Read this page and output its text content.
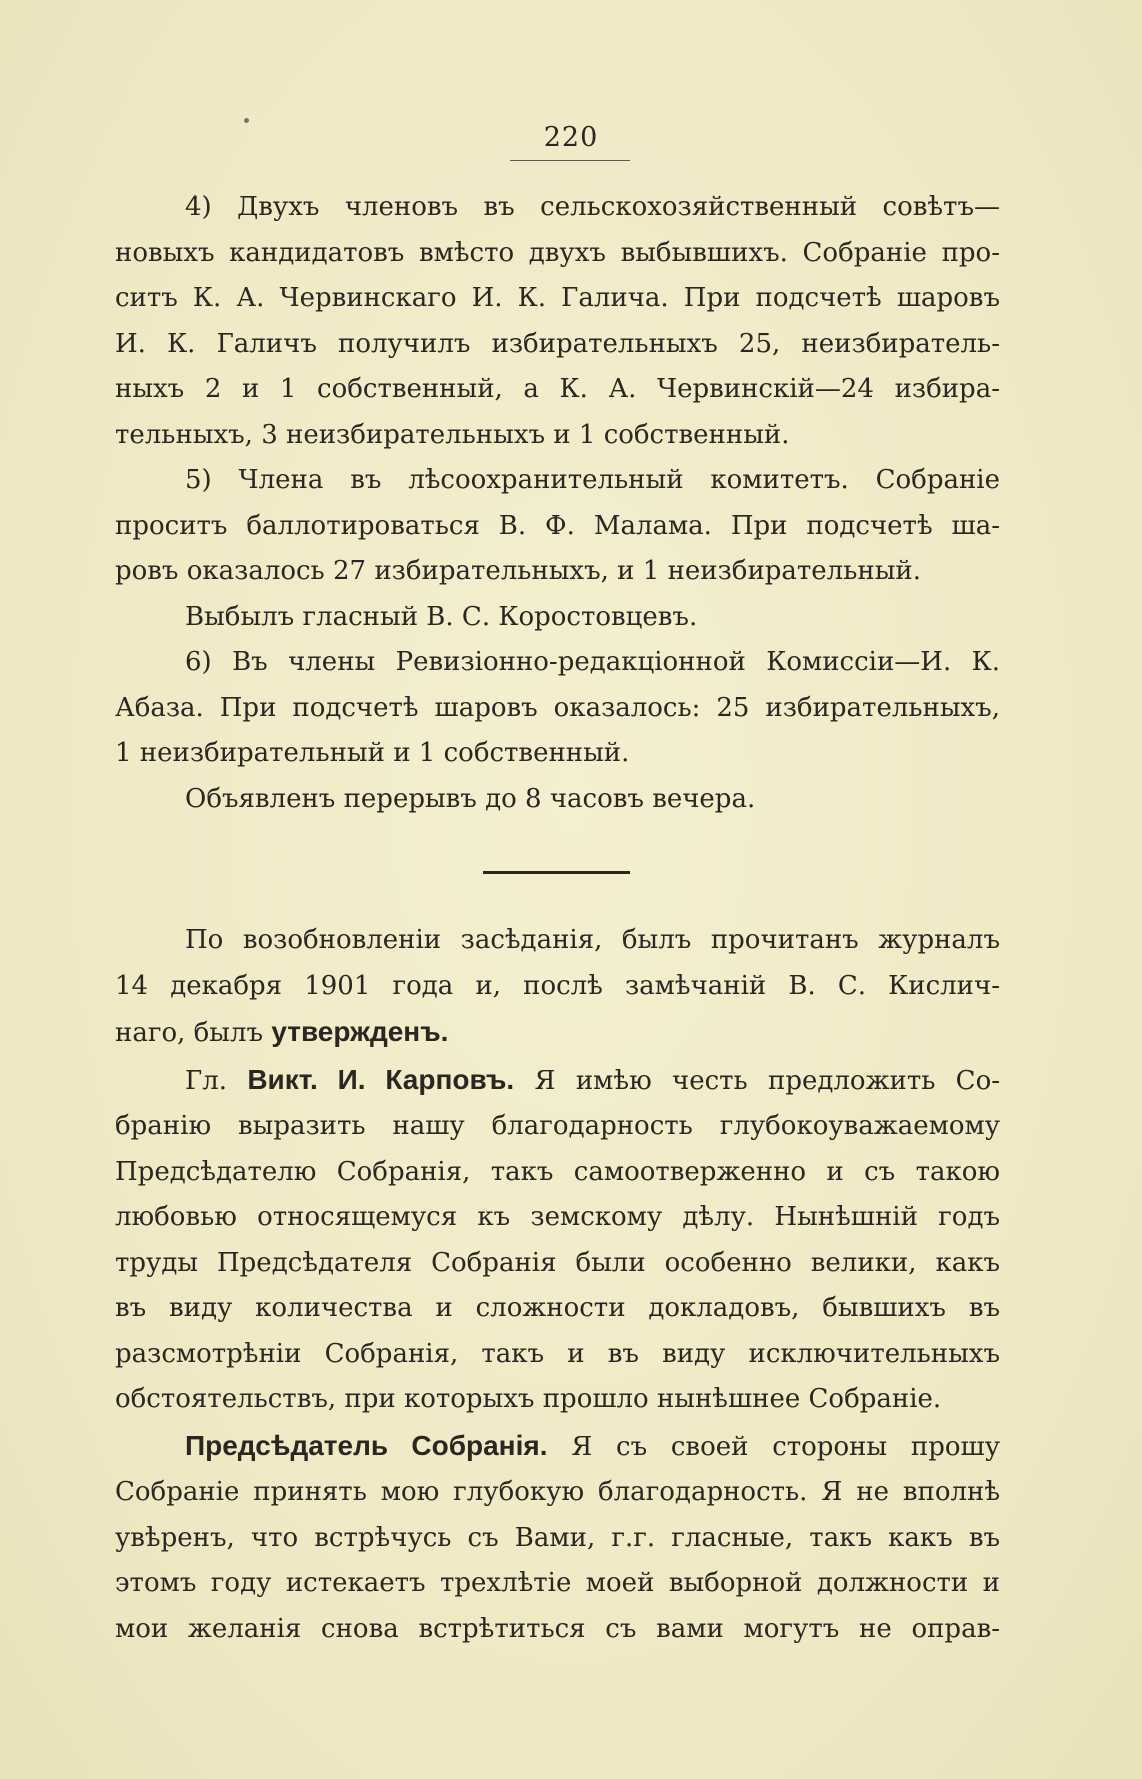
220
4) Двухъ членовъ въ сельскохозяйственный совѣтъ—
новыхъ кандидатовъ вмѣсто двухъ выбывшихъ. Собраніе про-
ситъ К. А. Червинскаго И. К. Галича. При подсчетѣ шаровъ
И. К. Галичъ получилъ избирательныхъ 25, неизбиратель-
ныхъ 2 и 1 собственный, а К. А. Червинскій—24 избира-
тельныхъ, 3 неизбирательныхъ и 1 собственный.
5) Члена въ лѣсоохранительный комитетъ. Собраніе
проситъ баллотироваться В. Ф. Малама. При подсчетѣ ша-
ровъ оказалось 27 избирательныхъ, и 1 неизбирательный.
Выбылъ гласный В. С. Коростовцевъ.
6) Въ члены Ревизіонно-редакціонной Комиссіи—И. К.
Абаза. При подсчетѣ шаровъ оказалось: 25 избирательныхъ,
1 неизбирательный и 1 собственный.
Объявленъ перерывъ до 8 часовъ вечера.
По возобновленіи засѣданія, былъ прочитанъ журналъ
14 декабря 1901 года и, послѣ замѣчаній В. С. Кислич-
наго, былъ утвержденъ.
Гл. Викт. И. Карповъ. Я имѣю честь предложить Со-
бранію выразить нашу благодарность глубокоуважаемому
Предсѣдателю Собранія, такъ самоотверженно и съ такою
любовью относящемуся къ земскому дѣлу. Нынѣшній годъ
труды Предсѣдателя Собранія были особенно велики, какъ
въ виду количества и сложности докладовъ, бывшихъ въ
разсмотрѣніи Собранія, такъ и въ виду исключительныхъ
обстоятельствъ, при которыхъ прошло нынѣшнее Собраніе.
Предсѣдатель Собранія. Я съ своей стороны прошу
Собраніе принять мою глубокую благодарность. Я не вполнѣ
увѣренъ, что встрѣчусь съ Вами, г.г. гласные, такъ какъ въ
этомъ году истекаетъ трехлѣтіе моей выборной должности и
мои желанія снова встрѣтиться съ вами могутъ не оправ-
